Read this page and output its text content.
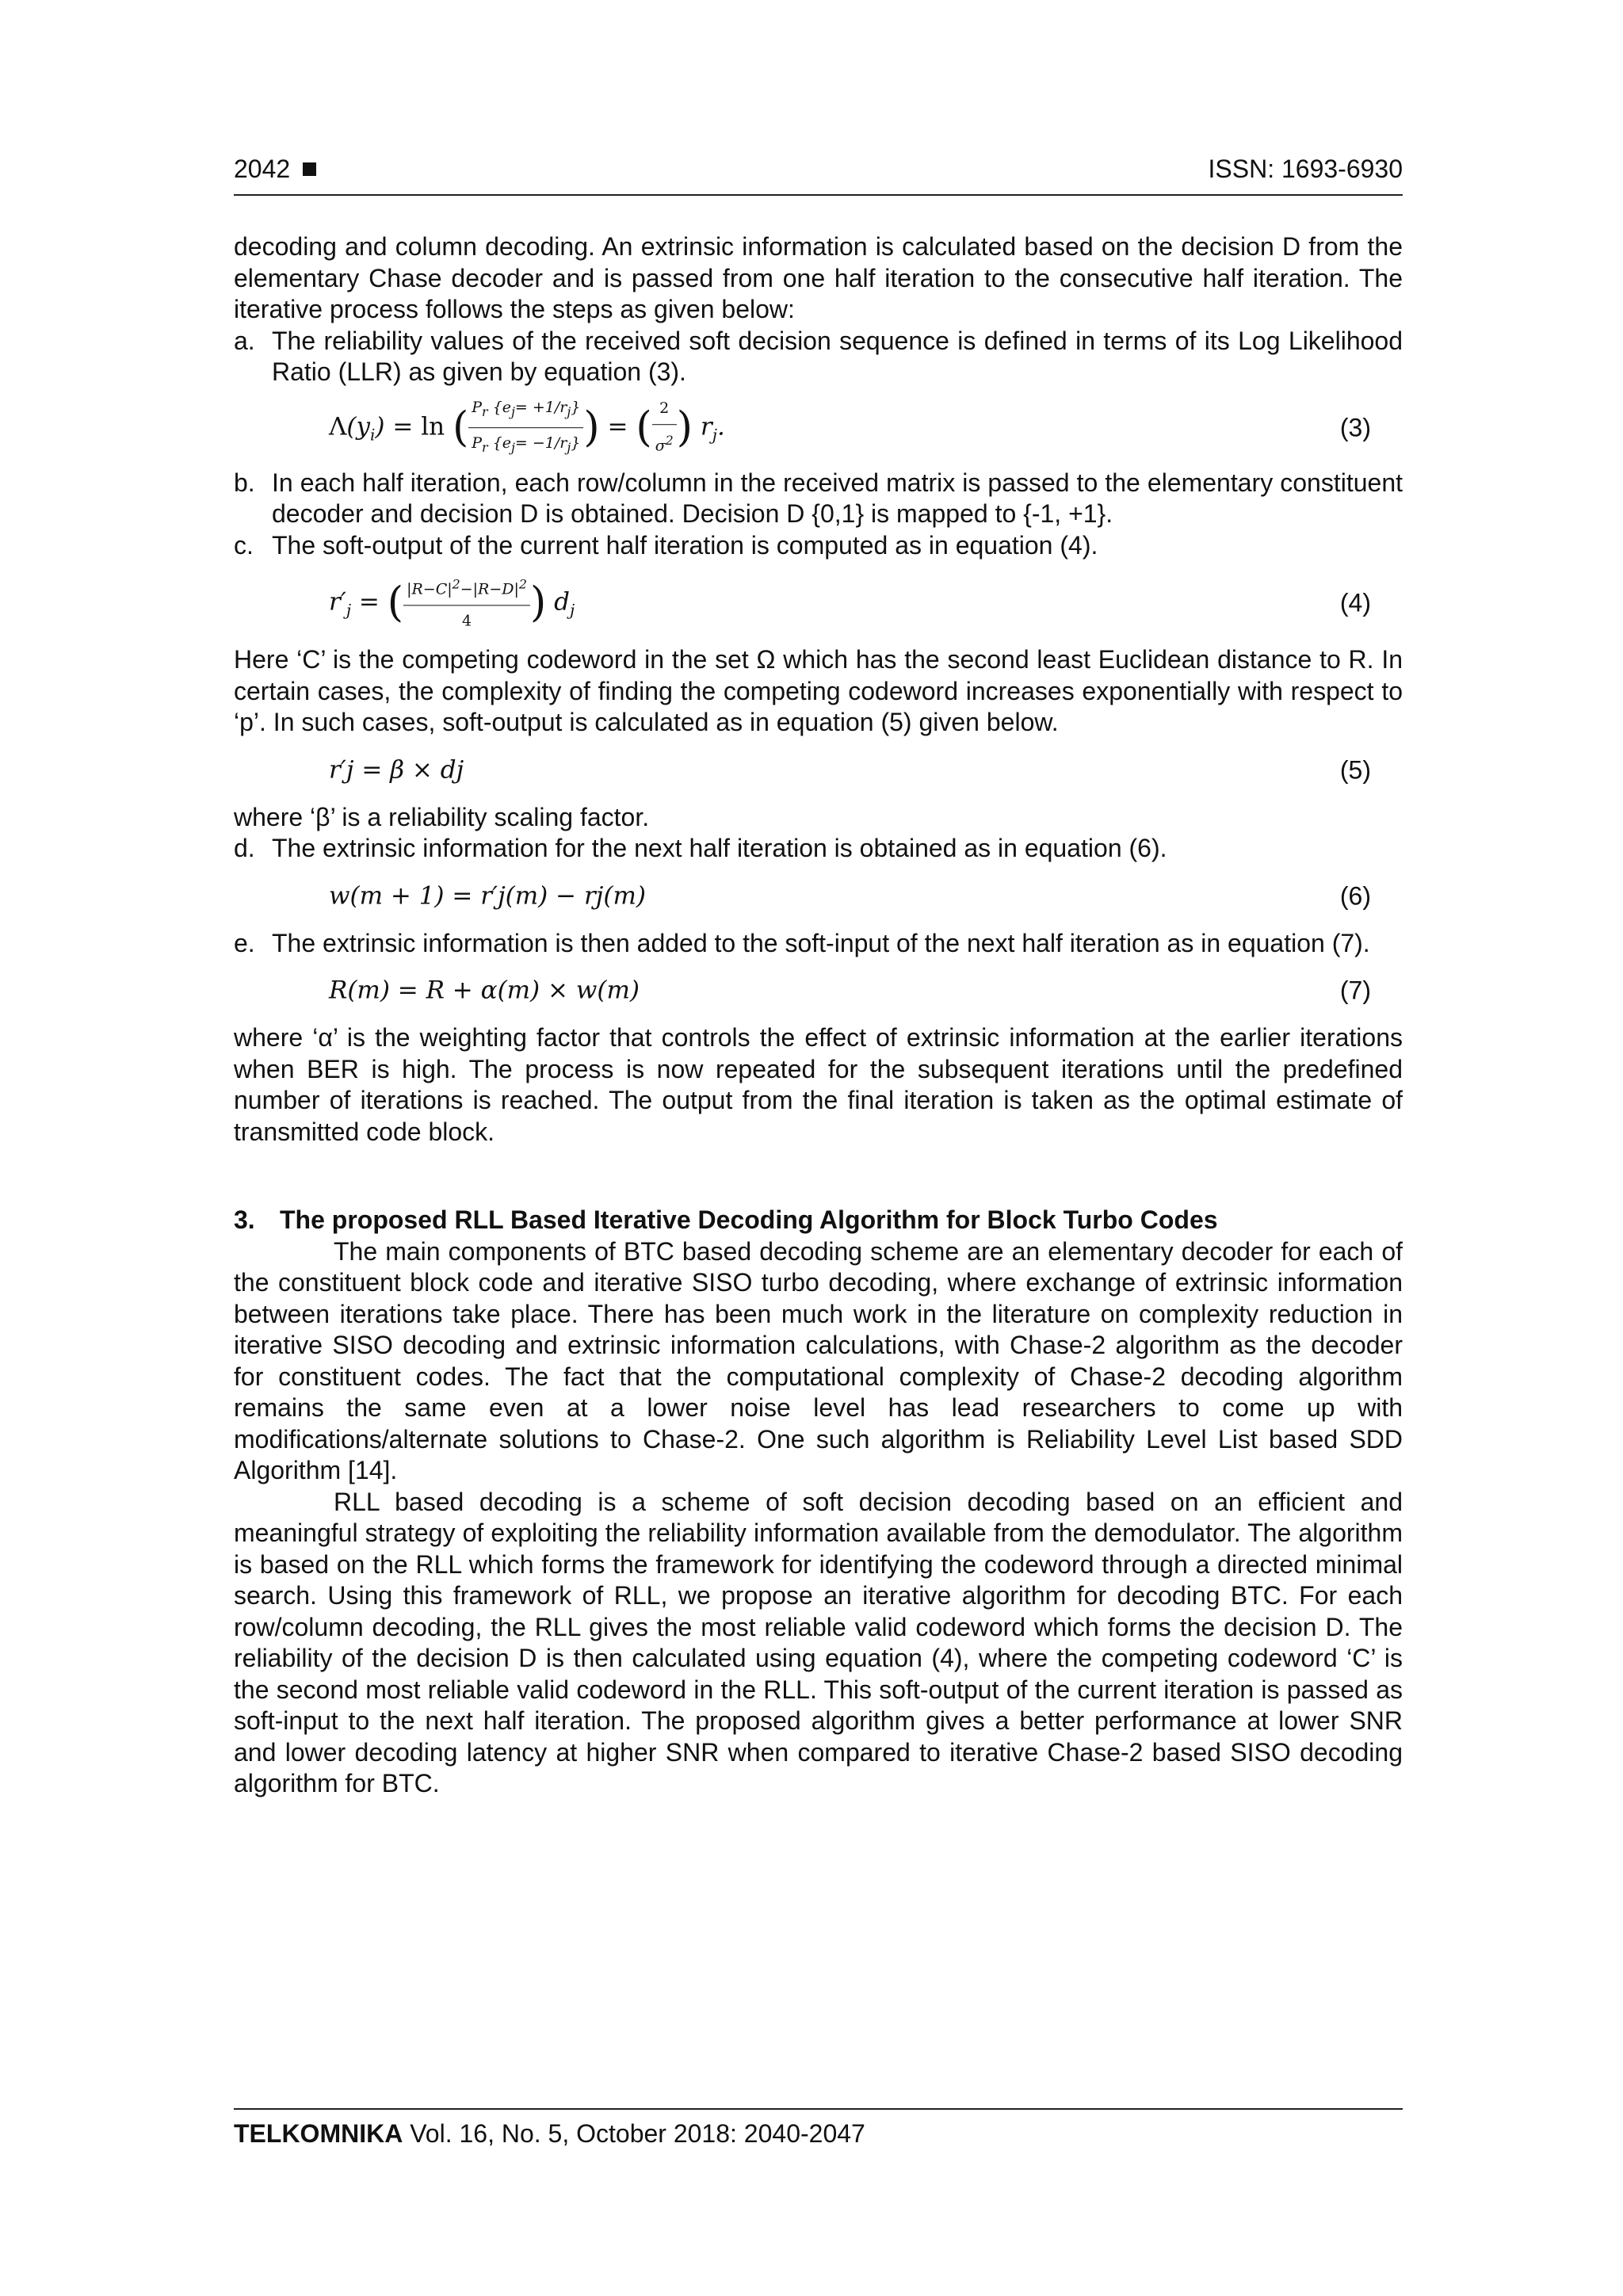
2042	ISSN: 1693-6930

decoding and column decoding. An extrinsic information is calculated based on the decision D from the elementary Chase decoder and is passed from one half iteration to the consecutive half iteration. The iterative process follows the steps as given below:

a. The reliability values of the received soft decision sequence is defined in terms of its Log Likelihood Ratio (LLR) as given by equation (3).
$\Lambda(y_i) = \ln$ ( $\frac{P_r \{e_j= +1/r_j\}}{P_r \{e_j= -1/r_j\}}$ ) = ( $\frac{2}{\sigma^2}$ ) $r_j$.	(3)
b. In each half iteration, each row/column in the received matrix is passed to the elementary constituent decoder and decision D is obtained. Decision D {0,1} is mapped to {-1, +1}.
c. The soft-output of the current half iteration is computed as in equation (4).
$r'_j$ = ( $\frac{|R-C|^2-|R-D|^2}{4}$ ) $d_j$	(4)

Here ‘C’ is the competing codeword in the set Ω which has the second least Euclidean distance to R. In certain cases, the complexity of finding the competing codeword increases exponentially with respect to ‘p’. In such cases, soft-output is calculated as in equation (5) given below.

r′j = β × dj	(5)

where ‘β’ is a reliability scaling factor.

d. The extrinsic information for the next half iteration is obtained as in equation (6).
w(m + 1) = r′j(m) − rj(m)	(6)
e. The extrinsic information is then added to the soft-input of the next half iteration as in equation (7).
R(m) = R + α(m) × w(m)	(7)

where ‘α’ is the weighting factor that controls the effect of extrinsic information at the earlier iterations when BER is high. The process is now repeated for the subsequent iterations until the predefined number of iterations is reached. The output from the final iteration is taken as the optimal estimate of transmitted code block.

3. The proposed RLL Based Iterative Decoding Algorithm for Block Turbo Codes

The main components of BTC based decoding scheme are an elementary decoder for each of the constituent block code and iterative SISO turbo decoding, where exchange of extrinsic information between iterations take place. There has been much work in the literature on complexity reduction in iterative SISO decoding and extrinsic information calculations, with Chase-2 algorithm as the decoder for constituent codes. The fact that the computational complexity of Chase-2 decoding algorithm remains the same even at a lower noise level has lead researchers to come up with modifications/alternate solutions to Chase-2. One such algorithm is Reliability Level List based SDD Algorithm [14].

RLL based decoding is a scheme of soft decision decoding based on an efficient and meaningful strategy of exploiting the reliability information available from the demodulator. The algorithm is based on the RLL which forms the framework for identifying the codeword through a directed minimal search. Using this framework of RLL, we propose an iterative algorithm for decoding BTC. For each row/column decoding, the RLL gives the most reliable valid codeword which forms the decision D. The reliability of the decision D is then calculated using equation (4), where the competing codeword ‘C’ is the second most reliable valid codeword in the RLL. This soft-output of the current iteration is passed as soft-input to the next half iteration. The proposed algorithm gives a better performance at lower SNR and lower decoding latency at higher SNR when compared to iterative Chase-2 based SISO decoding algorithm for BTC.

TELKOMNIKA Vol. 16, No. 5, October 2018: 2040-2047
